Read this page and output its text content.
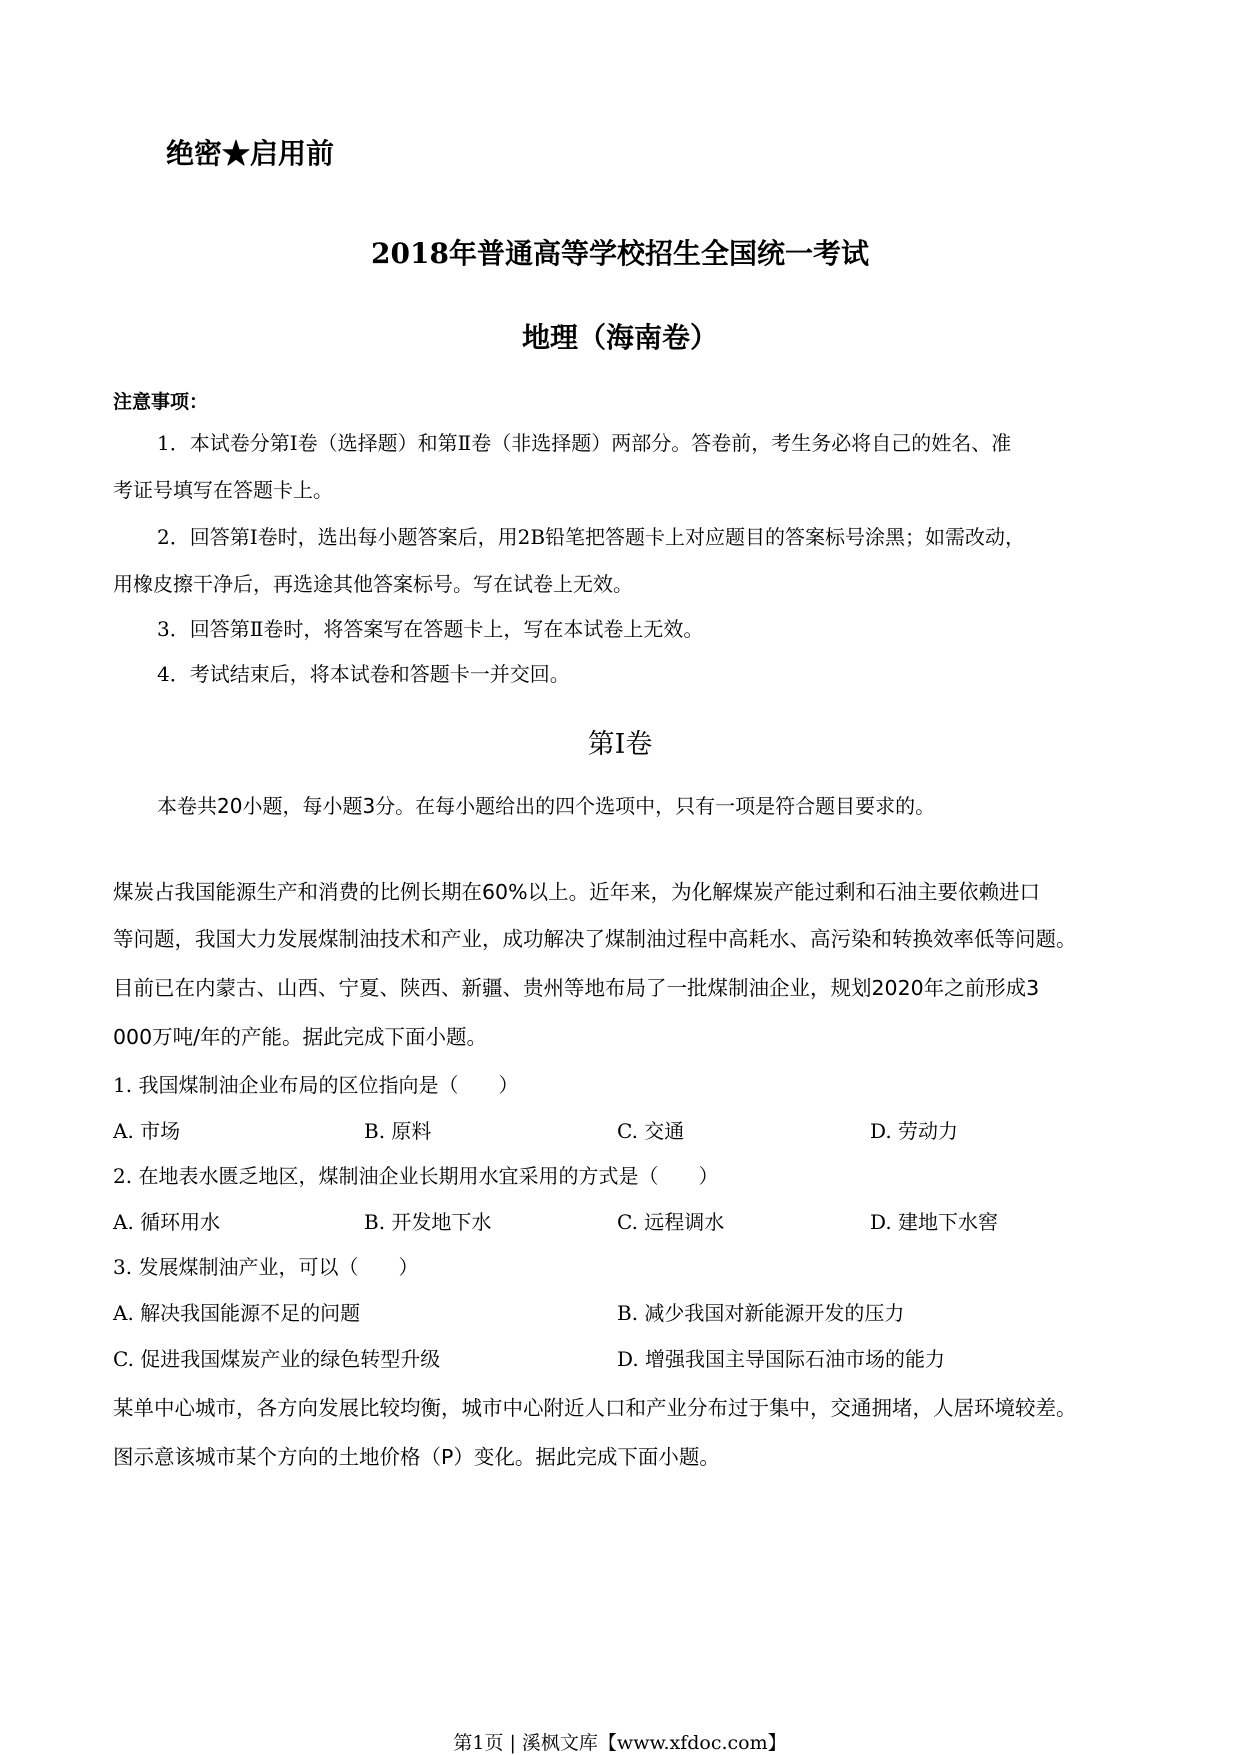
绝密★启用前
2018年普通高等学校招生全国统一考试
地理（海南卷）
注意事项：
1．本试卷分第Ⅰ卷（选择题）和第Ⅱ卷（非选择题）两部分。答卷前，考生务必将自己的姓名、准
考证号填写在答题卡上。
2．回答第Ⅰ卷时，选出每小题答案后，用2B铅笔把答题卡上对应题目的答案标号涂黑；如需改动，
用橡皮擦干净后，再选途其他答案标号。写在试卷上无效。
3．回答第Ⅱ卷时，将答案写在答题卡上，写在本试卷上无效。
4．考试结束后，将本试卷和答题卡一并交回。
第Ⅰ卷
本卷共20小题，每小题3分。在每小题给出的四个选项中，只有一项是符合题目要求的。
煤炭占我国能源生产和消费的比例长期在60%以上。近年来，为化解煤炭产能过剩和石油主要依赖进口
等问题，我国大力发展煤制油技术和产业，成功解决了煤制油过程中高耗水、高污染和转换效率低等问题。
目前已在内蒙古、山西、宁夏、陕西、新疆、贵州等地布局了一批煤制油企业，规划2020年之前形成3
000万吨/年的产能。据此完成下面小题。
1. 我国煤制油企业布局的区位指向是（　　）
A. 市场	B. 原料	C. 交通	D. 劳动力
2. 在地表水匮乏地区，煤制油企业长期用水宜采用的方式是（　　）
A. 循环用水	B. 开发地下水	C. 远程调水	D. 建地下水窖
3. 发展煤制油产业，可以（　　）
A. 解决我国能源不足的问题	B. 减少我国对新能源开发的压力
C. 促进我国煤炭产业的绿色转型升级	D. 增强我国主导国际石油市场的能力
某单中心城市，各方向发展比较均衡，城市中心附近人口和产业分布过于集中，交通拥堵，人居环境较差。
图示意该城市某个方向的土地价格（P）变化。据此完成下面小题。
第1页 | 溪枫文库【www.xfdoc.com】
